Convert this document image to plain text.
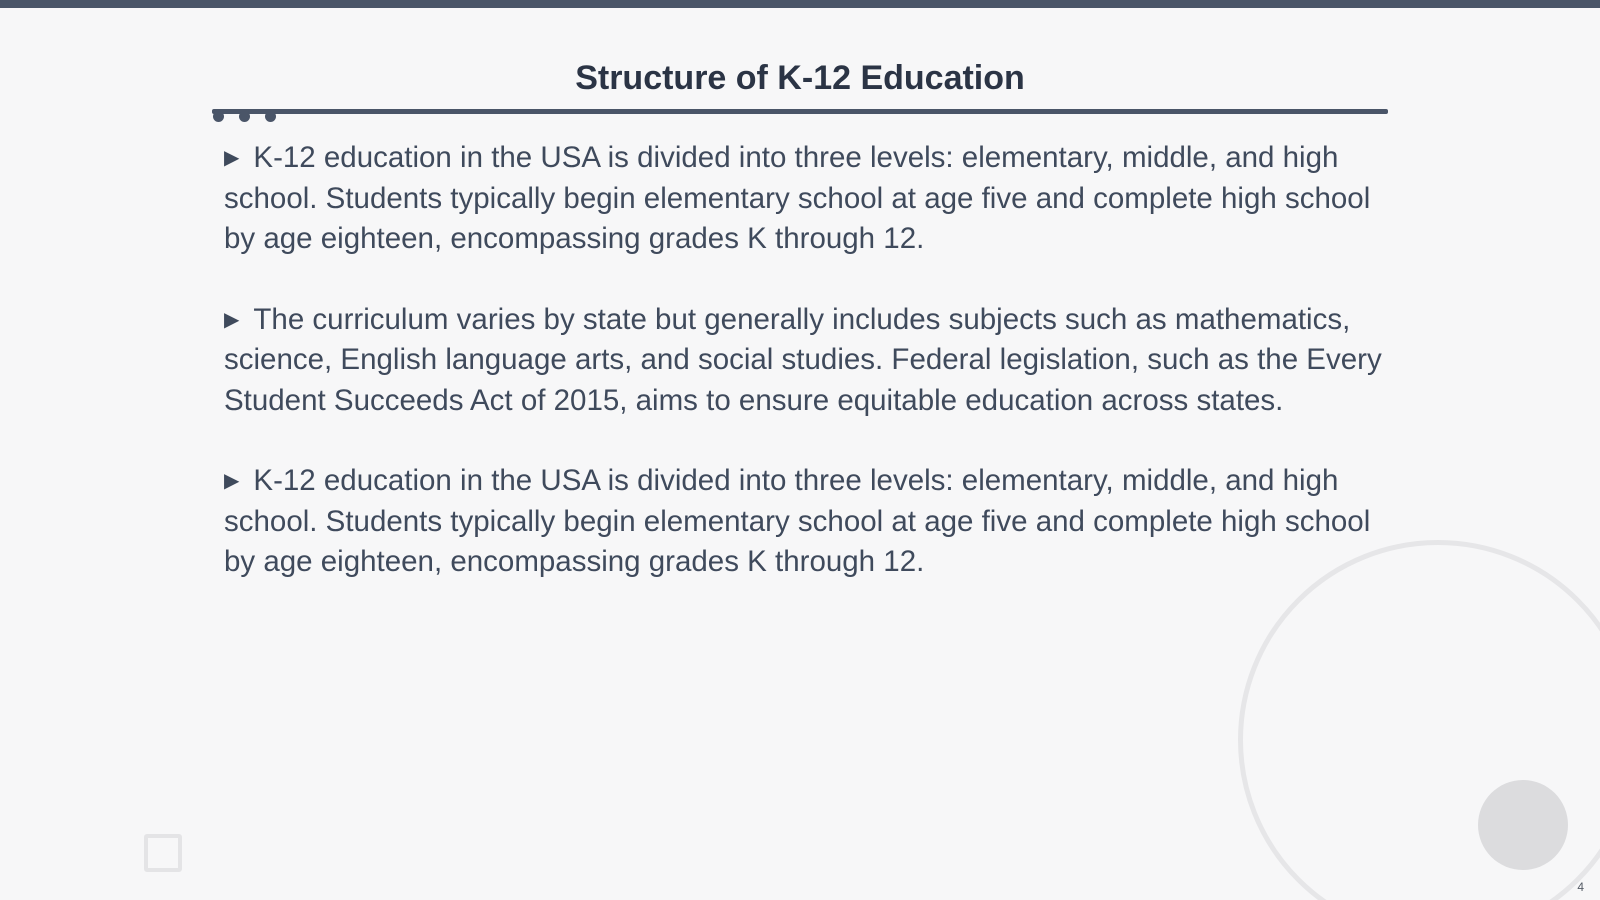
Structure of K-12 Education

▶ K-12 education in the USA is divided into three levels: elementary, middle, and high school. Students typically begin elementary school at age five and complete high school by age eighteen, encompassing grades K through 12.

▶ The curriculum varies by state but generally includes subjects such as mathematics, science, English language arts, and social studies. Federal legislation, such as the Every Student Succeeds Act of 2015, aims to ensure equitable education across states.

▶ K-12 education in the USA is divided into three levels: elementary, middle, and high school. Students typically begin elementary school at age five and complete high school by age eighteen, encompassing grades K through 12.

4
